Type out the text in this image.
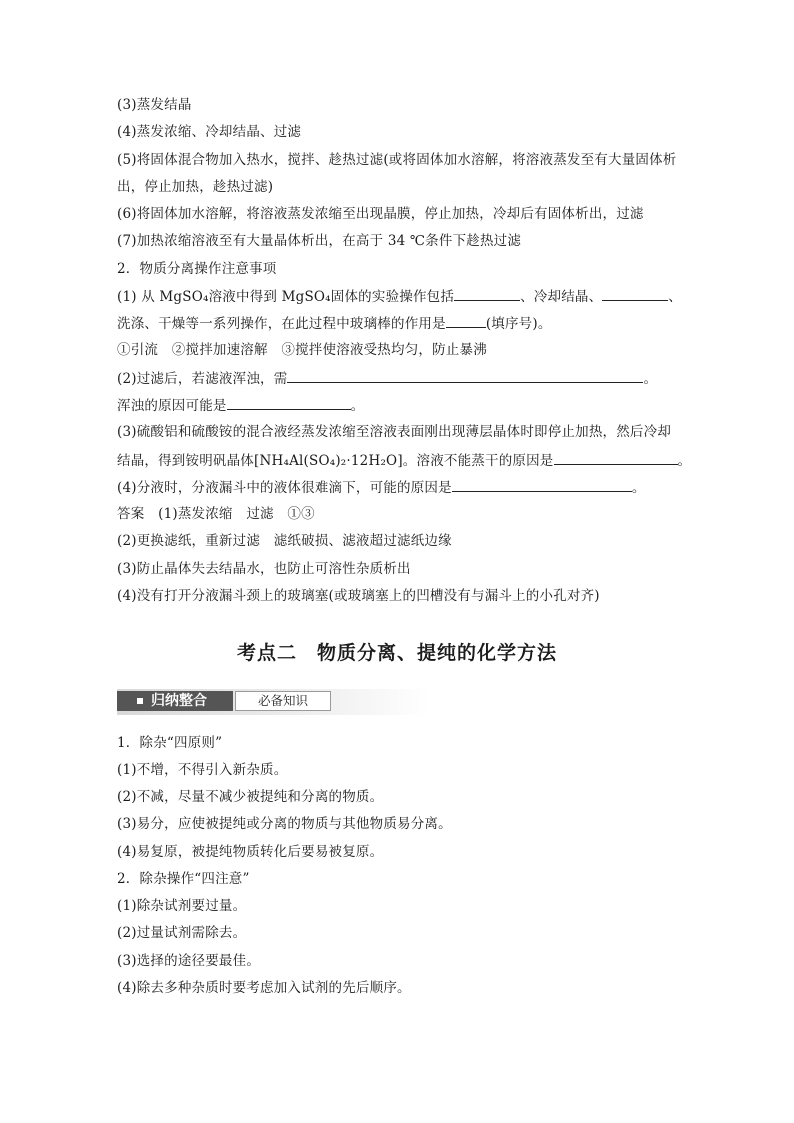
(3)蒸发结晶
(4)蒸发浓缩、冷却结晶、过滤
(5)将固体混合物加入热水，搅拌、趁热过滤(或将固体加水溶解，将溶液蒸发至有大量固体析
出，停止加热，趁热过滤)
(6)将固体加水溶解，将溶液蒸发浓缩至出现晶膜，停止加热，冷却后有固体析出，过滤
(7)加热浓缩溶液至有大量晶体析出，在高于 34 ℃条件下趁热过滤
2．物质分离操作注意事项
(1) 从 MgSO₄溶液中得到 MgSO₄固体的实验操作包括	、冷却结晶、	、
洗涤、干燥等一系列操作，在此过程中玻璃棒的作用是	(填序号)。
①引流　②搅拌加速溶解　③搅拌使溶液受热均匀，防止暴沸
(2)过滤后，若滤液浑浊，需	。
浑浊的原因可能是	。
(3)硫酸铝和硫酸铵的混合液经蒸发浓缩至溶液表面刚出现薄层晶体时即停止加热，然后冷却
结晶，得到铵明矾晶体[NH₄Al(SO₄)₂·12H₂O]。溶液不能蒸干的原因是	。
(4)分液时，分液漏斗中的液体很难滴下，可能的原因是	。
答案　(1)蒸发浓缩　过滤　①③
(2)更换滤纸，重新过滤　滤纸破损、滤液超过滤纸边缘
(3)防止晶体失去结晶水，也防止可溶性杂质析出
(4)没有打开分液漏斗颈上的玻璃塞(或玻璃塞上的凹槽没有与漏斗上的小孔对齐)
考点二　物质分离、提纯的化学方法
归纳整合	必备知识
1．除杂“四原则”
(1)不增，不得引入新杂质。
(2)不减，尽量不减少被提纯和分离的物质。
(3)易分，应使被提纯或分离的物质与其他物质易分离。
(4)易复原，被提纯物质转化后要易被复原。
2．除杂操作“四注意”
(1)除杂试剂要过量。
(2)过量试剂需除去。
(3)选择的途径要最佳。
(4)除去多种杂质时要考虑加入试剂的先后顺序。
